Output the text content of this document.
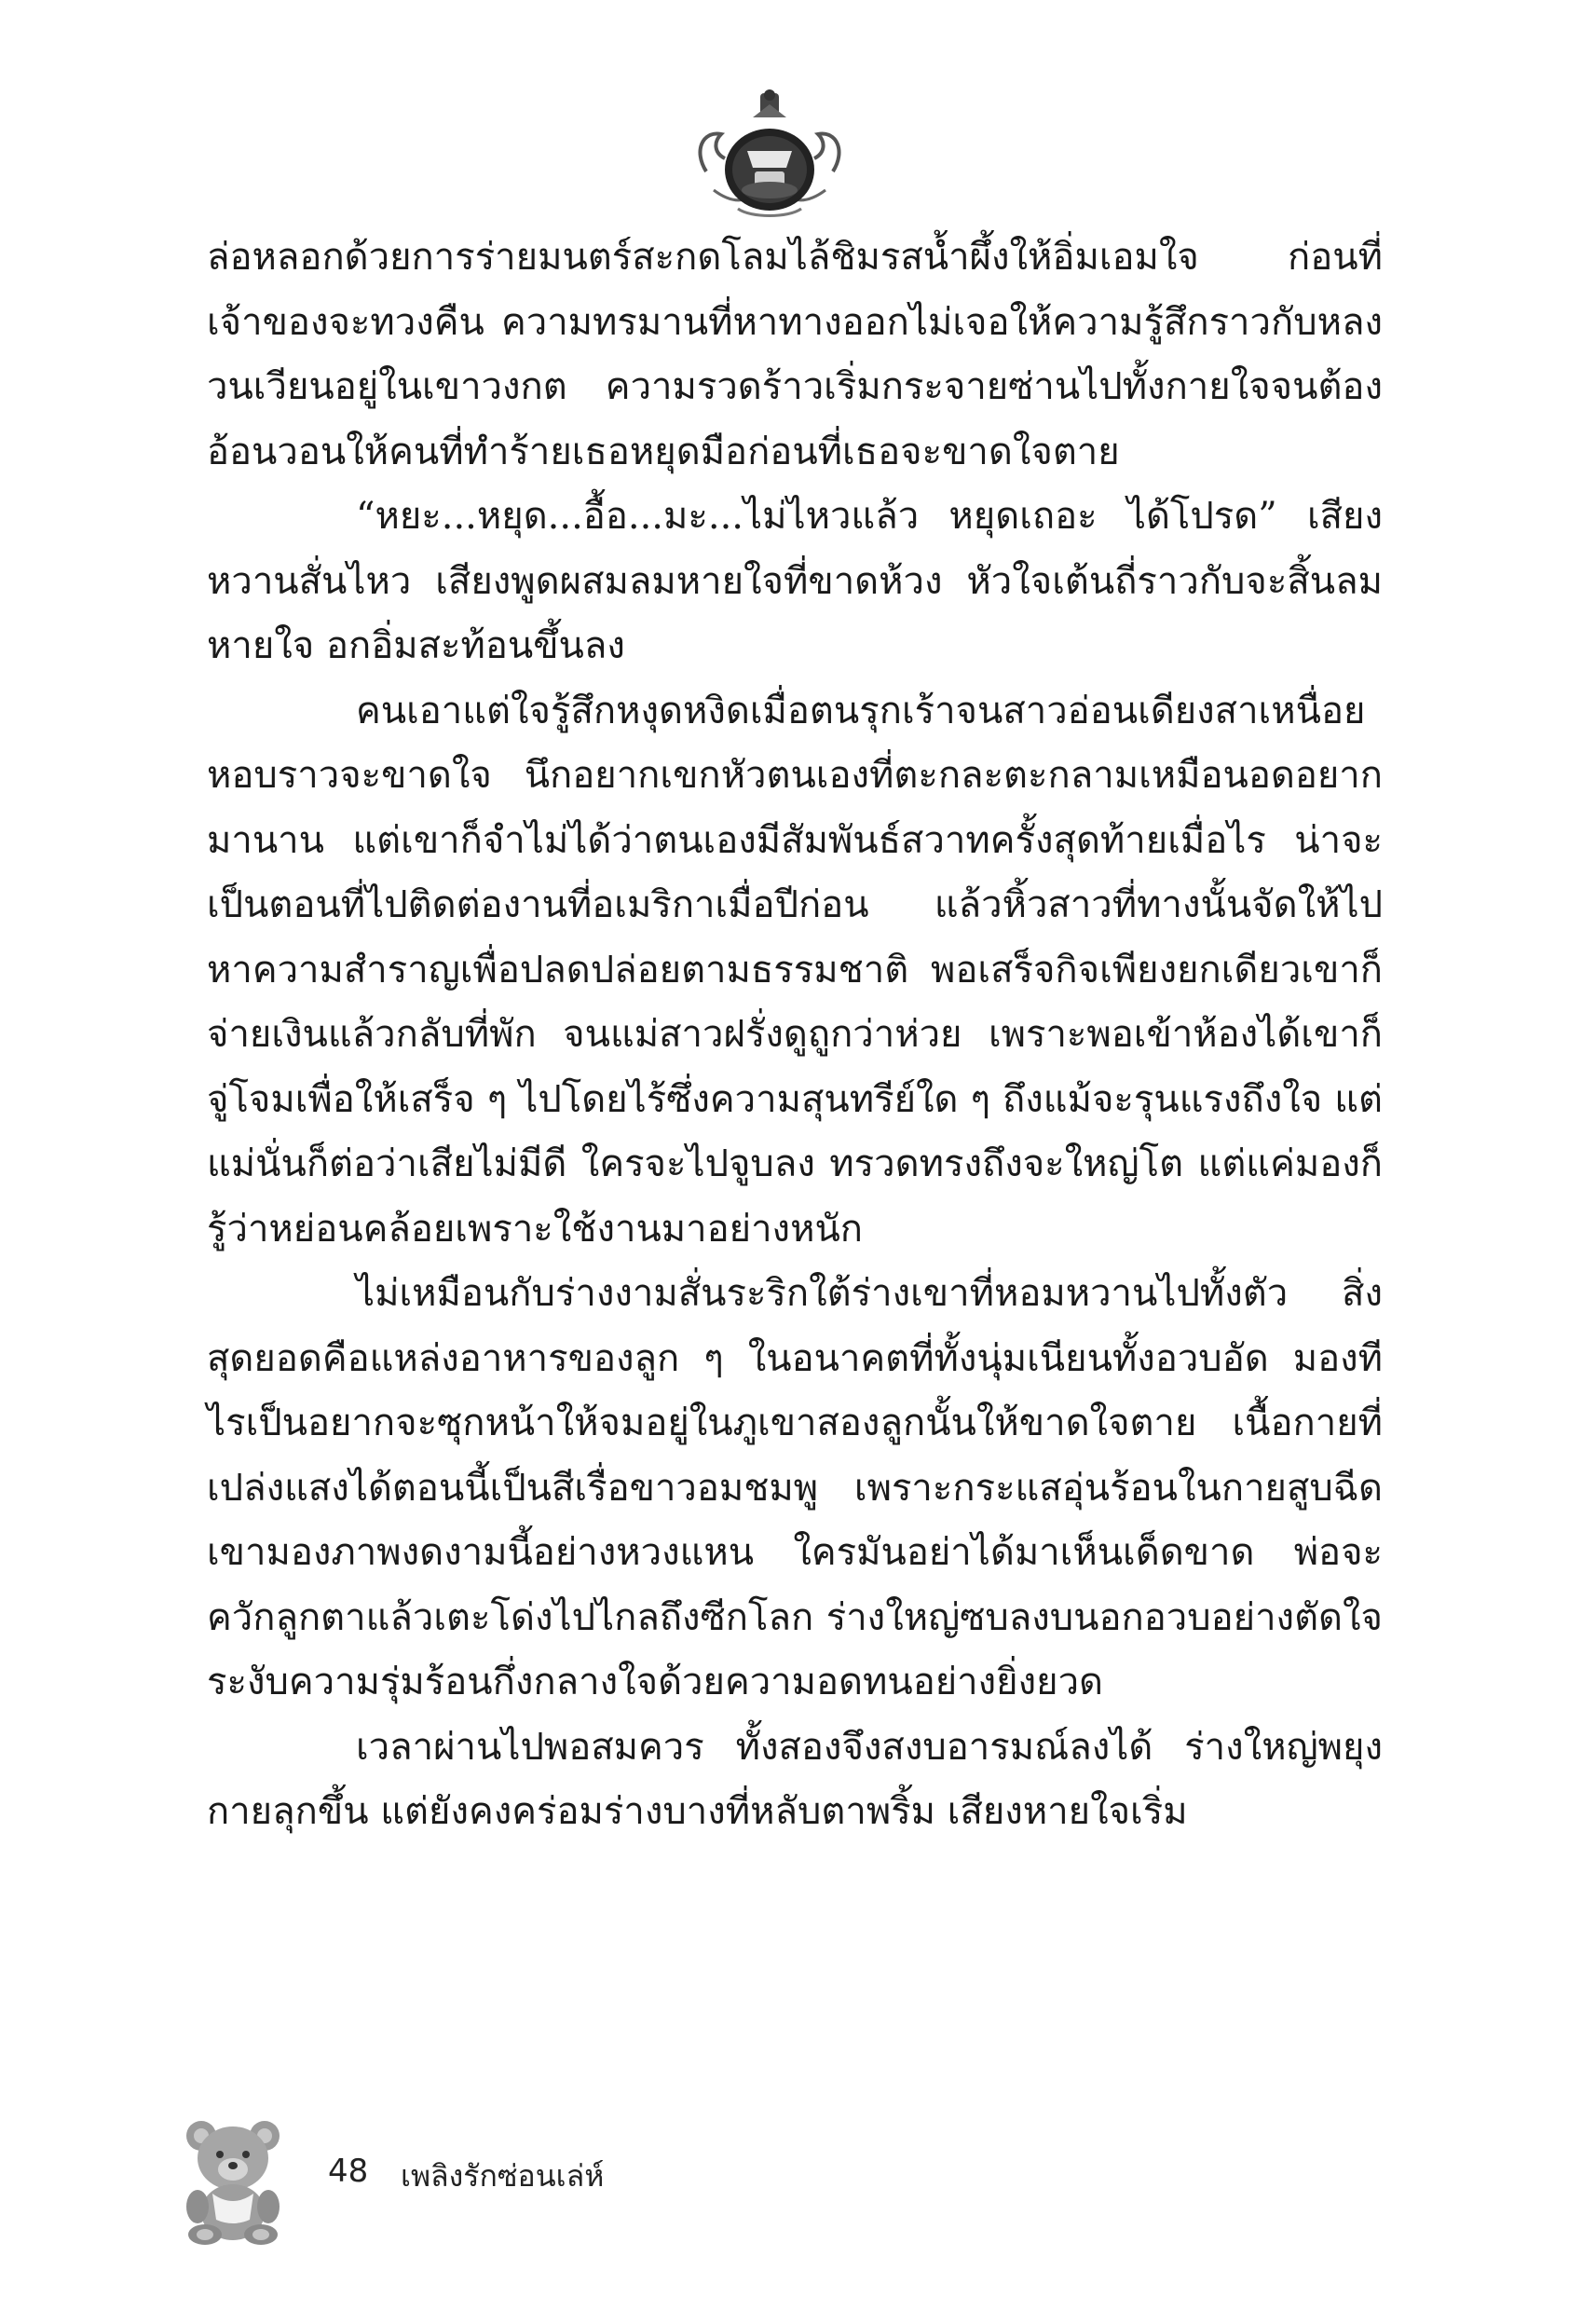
ล่อหลอกด้วยการร่ายมนตร์สะกดโลมไล้ชิมรสน้ำผึ้งให้อิ่มเอมใจ ก่อนที่เจ้าของจะทวงคืน ความทรมานที่หาทางออกไม่เจอให้ความรู้สึกราวกับหลงวนเวียนอยู่ในเขาวงกต ความรวดร้าวเริ่มกระจายซ่านไปทั้งกายใจจนต้องอ้อนวอนให้คนที่ทำร้ายเธอหยุดมือก่อนที่เธอจะขาดใจตาย

“หยะ...หยุด...อื้อ...มะ...ไม่ไหวแล้ว หยุดเถอะ ได้โปรด” เสียงหวานสั่นไหว เสียงพูดผสมลมหายใจที่ขาดห้วง หัวใจเต้นถี่ราวกับจะสิ้นลมหายใจ อกอิ่มสะท้อนขึ้นลง

คนเอาแต่ใจรู้สึกหงุดหงิดเมื่อตนรุกเร้าจนสาวอ่อนเดียงสาเหนื่อยหอบราวจะขาดใจ นึกอยากเขกหัวตนเองที่ตะกละตะกลามเหมือนอดอยากมานาน แต่เขาก็จำไม่ได้ว่าตนเองมีสัมพันธ์สวาทครั้งสุดท้ายเมื่อไร น่าจะเป็นตอนที่ไปติดต่องานที่อเมริกาเมื่อปีก่อน แล้วหิ้วสาวที่ทางนั้นจัดให้ไปหาความสำราญเพื่อปลดปล่อยตามธรรมชาติ พอเสร็จกิจเพียงยกเดียวเขาก็จ่ายเงินแล้วกลับที่พัก จนแม่สาวฝรั่งดูถูกว่าห่วย เพราะพอเข้าห้องได้เขาก็จู่โจมเพื่อให้เสร็จ ๆ ไปโดยไร้ซึ่งความสุนทรีย์ใด ๆ ถึงแม้จะรุนแรงถึงใจ แต่แม่นั่นก็ต่อว่าเสียไม่มีดี ใครจะไปจูบลง ทรวดทรงถึงจะใหญ่โต แต่แค่มองก็รู้ว่าหย่อนคล้อยเพราะใช้งานมาอย่างหนัก

ไม่เหมือนกับร่างงามสั่นระริกใต้ร่างเขาที่หอมหวานไปทั้งตัว สิ่งสุดยอดคือแหล่งอาหารของลูก ๆ ในอนาคตที่ทั้งนุ่มเนียนทั้งอวบอัด มองทีไรเป็นอยากจะซุกหน้าให้จมอยู่ในภูเขาสองลูกนั้นให้ขาดใจตาย เนื้อกายที่เปล่งแสงได้ตอนนี้เป็นสีเรื่อขาวอมชมพู เพราะกระแสอุ่นร้อนในกายสูบฉีด เขามองภาพงดงามนี้อย่างหวงแหน ใครมันอย่าได้มาเห็นเด็ดขาด พ่อจะควักลูกตาแล้วเตะโด่งไปไกลถึงซีกโลก ร่างใหญ่ซบลงบนอกอวบอย่างตัดใจ ระงับความรุ่มร้อนกึ่งกลางใจด้วยความอดทนอย่างยิ่งยวด

เวลาผ่านไปพอสมควร ทั้งสองจึงสงบอารมณ์ลงได้ ร่างใหญ่พยุงกายลุกขึ้น แต่ยังคงคร่อมร่างบางที่หลับตาพริ้ม เสียงหายใจเริ่ม

48 เพลิงรักซ่อนเล่ห์
